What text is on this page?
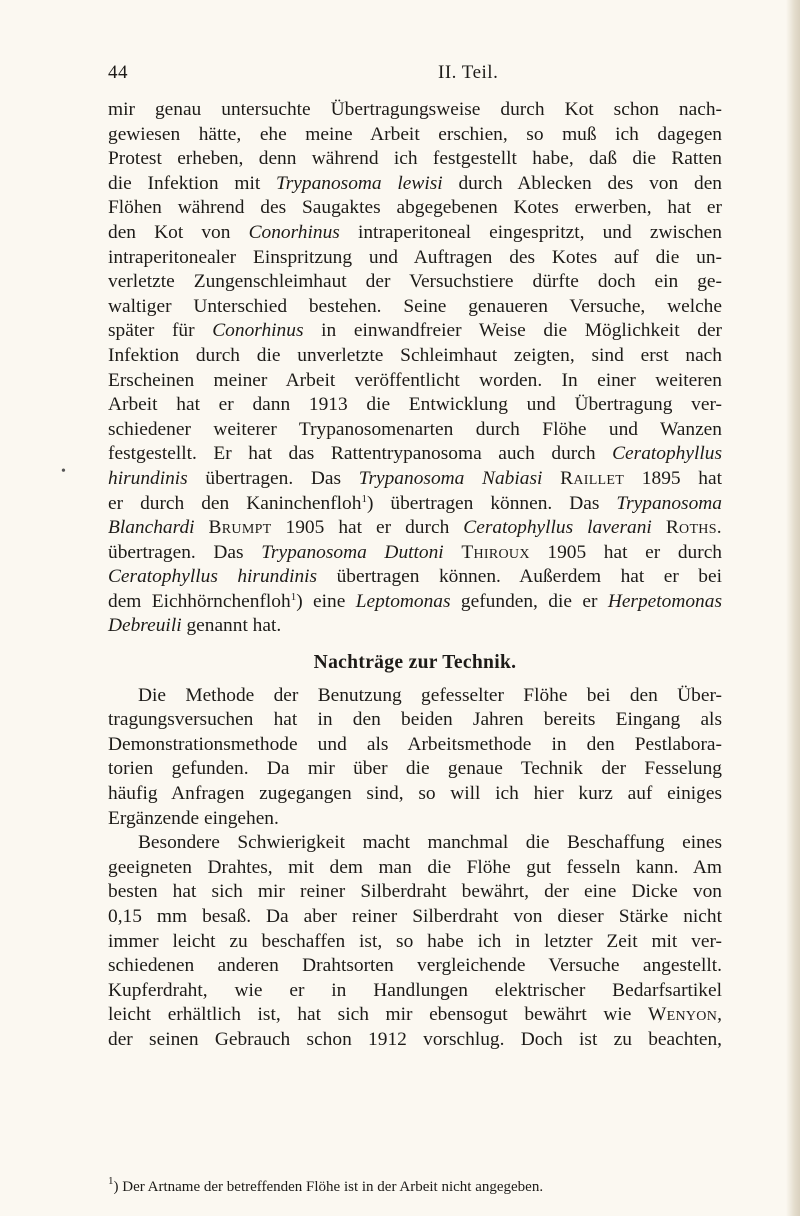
44	II. Teil.
•

mir genau untersuchte Übertragungsweise durch Kot schon nach-
gewiesen hätte, ehe meine Arbeit erschien, so muß ich dagegen
Protest erheben, denn während ich festgestellt habe, daß die Ratten
die Infektion mit Trypanosoma lewisi durch Ablecken des von den
Flöhen während des Saugaktes abgegebenen Kotes erwerben, hat er
den Kot von Conorhinus intraperitoneal eingespritzt, und zwischen
intraperitonealer Einspritzung und Auftragen des Kotes auf die un-
verletzte Zungenschleimhaut der Versuchstiere dürfte doch ein ge-
waltiger Unterschied bestehen. Seine genaueren Versuche, welche
später für Conorhinus in einwandfreier Weise die Möglichkeit der
Infektion durch die unverletzte Schleimhaut zeigten, sind erst nach
Erscheinen meiner Arbeit veröffentlicht worden. In einer weiteren
Arbeit hat er dann 1913 die Entwicklung und Übertragung ver-
schiedener weiterer Trypanosomenarten durch Flöhe und Wanzen
festgestellt. Er hat das Rattentrypanosoma auch durch Ceratophyllus
hirundinis übertragen. Das Trypanosoma Nabiasi Raillet 1895 hat
er durch den Kaninchenfloh$^1$) übertragen können. Das Trypanosoma
Blanchardi Brumpt 1905 hat er durch Ceratophyllus laverani Roths.
übertragen. Das Trypanosoma Duttoni Thiroux 1905 hat er durch
Ceratophyllus hirundinis übertragen können. Außerdem hat er bei
dem Eichhörnchenfloh$^1$) eine Leptomonas gefunden, die er Herpetomonas
Debreuili genannt hat.

Nachträge zur Technik.

Die Methode der Benutzung gefesselter Flöhe bei den Über-
tragungsversuchen hat in den beiden Jahren bereits Eingang als
Demonstrationsmethode und als Arbeitsmethode in den Pestlabora-
torien gefunden. Da mir über die genaue Technik der Fesselung
häufig Anfragen zugegangen sind, so will ich hier kurz auf einiges
Ergänzende eingehen.

Besondere Schwierigkeit macht manchmal die Beschaffung eines
geeigneten Drahtes, mit dem man die Flöhe gut fesseln kann. Am
besten hat sich mir reiner Silberdraht bewährt, der eine Dicke von
0,15 mm besaß. Da aber reiner Silberdraht von dieser Stärke nicht
immer leicht zu beschaffen ist, so habe ich in letzter Zeit mit ver-
schiedenen anderen Drahtsorten vergleichende Versuche angestellt.
Kupferdraht, wie er in Handlungen elektrischer Bedarfsartikel
leicht erhältlich ist, hat sich mir ebensogut bewährt wie Wenyon,
der seinen Gebrauch schon 1912 vorschlug. Doch ist zu beachten,

$^1$) Der Artname der betreffenden Flöhe ist in der Arbeit nicht angegeben.
